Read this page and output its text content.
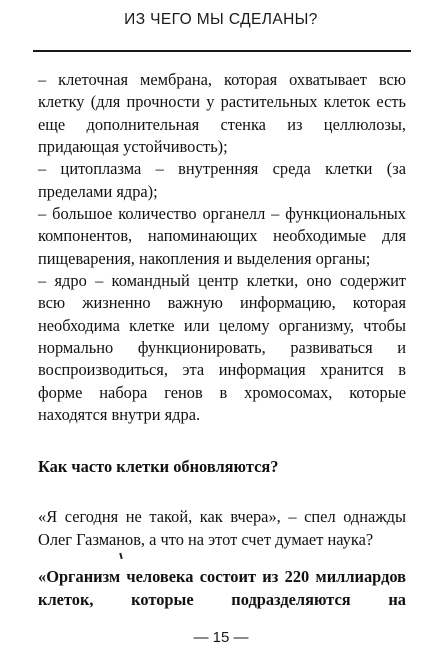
ИЗ ЧЕГО МЫ СДЕЛАНЫ?

– клеточная мембрана, которая охватывает всю клетку (для прочности у растительных клеток есть еще дополнительная стенка из целлюлозы, придающая устойчивость);

– цитоплазма – внутренняя среда клетки (за пределами ядра);

– большое количество органелл – функциональных компонентов, напоминающих необходимые для пищеварения, накопления и выделения органы;

– ядро – командный центр клетки, оно содержит всю жизненно важную информацию, которая необходима клетке или целому организму, чтобы нормально функционировать, развиваться и воспроизводиться, эта информация хранится в форме набора генов в хромосомах, которые находятся внутри ядра.

Как часто клетки обновляются?

«Я сегодня не такой, как вчера», – спел однажды Олег Газманов, а что на этот счет думает наука?

«Организм человека состоит из 220 миллиардов клеток, которые подразделяются на

— 15 —
